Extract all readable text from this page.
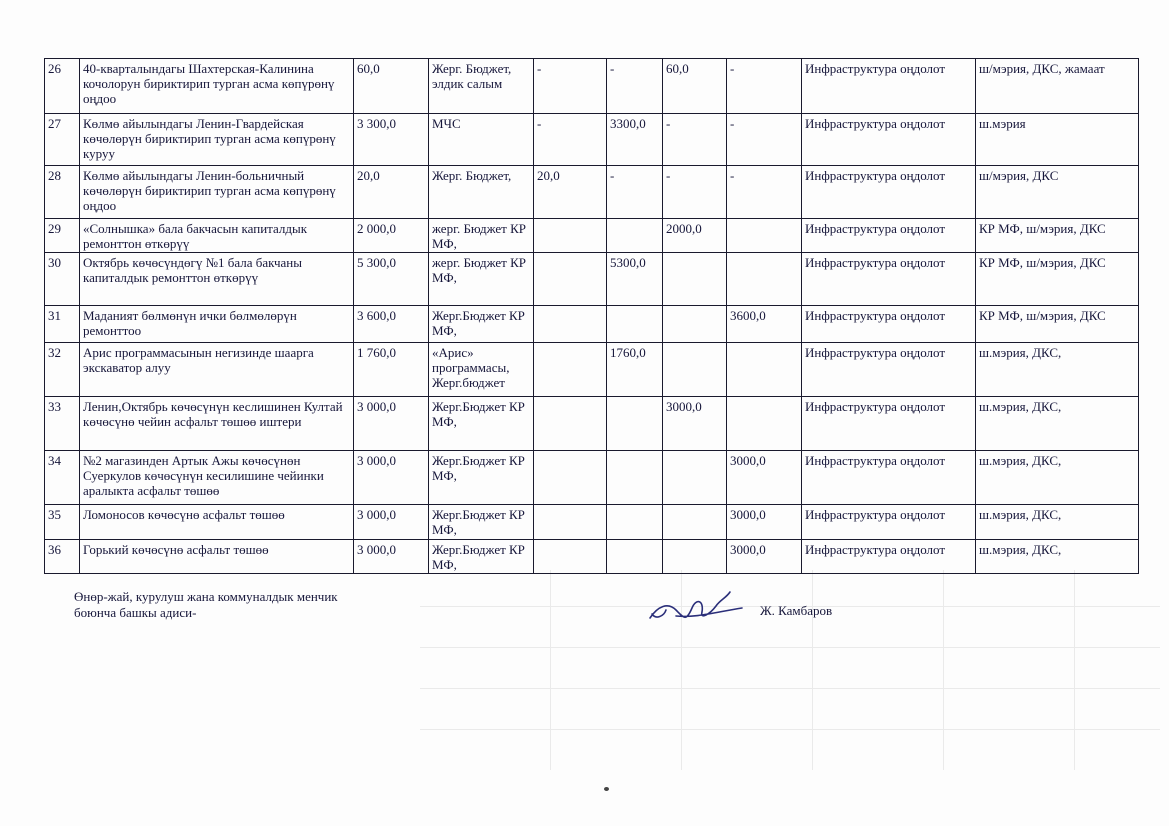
26	40-кварталындагы Шахтерская-Калинина кочолорун бириктирип турган асма көпүрөнү оңдоо	60,0	Жерг. Бюджет, элдик салым	-	-	60,0	-	Инфраструктура оңдолот	ш/мэрия, ДКС, жамаат
27	Көлмө айылындагы Ленин-Гвардейская көчөлөрүн бириктирип турган асма көпүрөнү куруу	3 300,0	МЧС	-	3300,0	-	-	Инфраструктура оңдолот	ш.мэрия
28	Көлмө айылындагы Ленин-больничный көчөлөрүн бириктирип турган асма көпүрөнү оңдоо	20,0	Жерг. Бюджет,	20,0	-	-	-	Инфраструктура оңдолот	ш/мэрия, ДКС
29	«Солнышка» бала бакчасын капиталдык ремонттон өткөрүү	2 000,0	жерг. Бюджет КР МФ,			2000,0		Инфраструктура оңдолот	КР МФ, ш/мэрия, ДКС
30	Октябрь көчөсүндөгү №1 бала бакчаны капиталдык ремонттон өткөрүү	5 300,0	жерг. Бюджет КР МФ,		5300,0			Инфраструктура оңдолот	КР МФ, ш/мэрия, ДКС
31	Маданият бөлмөнүн ички бөлмөлөрүн ремонттоо	3 600,0	Жерг.Бюджет КР МФ,				3600,0	Инфраструктура оңдолот	КР МФ, ш/мэрия, ДКС
32	Арис программасынын негизинде шаарга экскаватор алуу	1 760,0	«Арис» программасы, Жерг.бюджет		1760,0			Инфраструктура оңдолот	ш.мэрия, ДКС,
33	Ленин,Октябрь көчөсүнүн кеслишинен Култай көчөсүнө чейин асфальт төшөө иштери	3 000,0	Жерг.Бюджет КР МФ,			3000,0		Инфраструктура оңдолот	ш.мэрия, ДКС,
34	№2 магазинден Артык Ажы көчөсүнөн Суеркулов көчөсүнүн кесилишине чейинки аралыкта асфальт төшөө	3 000,0	Жерг.Бюджет КР МФ,				3000,0	Инфраструктура оңдолот	ш.мэрия, ДКС,
35	Ломоносов көчөсүнө асфальт төшөө	3 000,0	Жерг.Бюджет КР МФ,				3000,0	Инфраструктура оңдолот	ш.мэрия, ДКС,
36	Горький көчөсүнө асфальт төшөө	3 000,0	Жерг.Бюджет КР МФ,				3000,0	Инфраструктура оңдолот	ш.мэрия, ДКС,
Өнөр-жай, курулуш жана коммуналдык менчик боюнча башкы адиси-	Ж. Камбаров
